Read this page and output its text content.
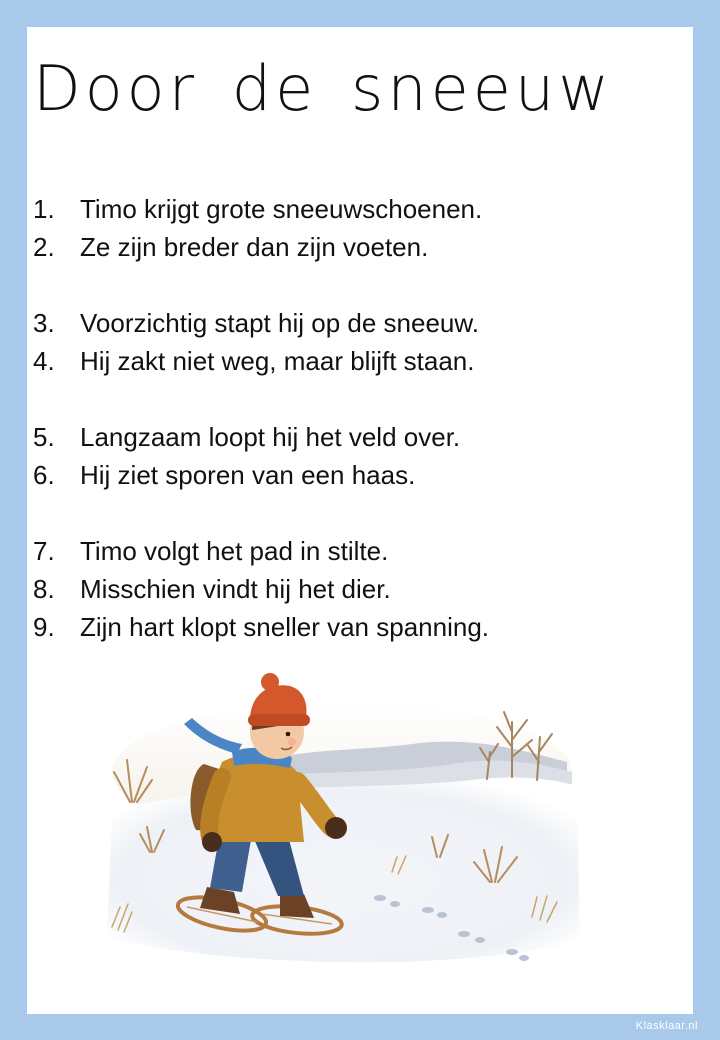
Door de sneeuw
1. Timo krijgt grote sneeuwschoenen.
2. Ze zijn breder dan zijn voeten.
3. Voorzichtig stapt hij op de sneeuw.
4. Hij zakt niet weg, maar blijft staan.
5. Langzaam loopt hij het veld over.
6. Hij ziet sporen van een haas.
7. Timo volgt het pad in stilte.
8. Misschien vindt hij het dier.
9. Zijn hart klopt sneller van spanning.
Klasklaar.nl
